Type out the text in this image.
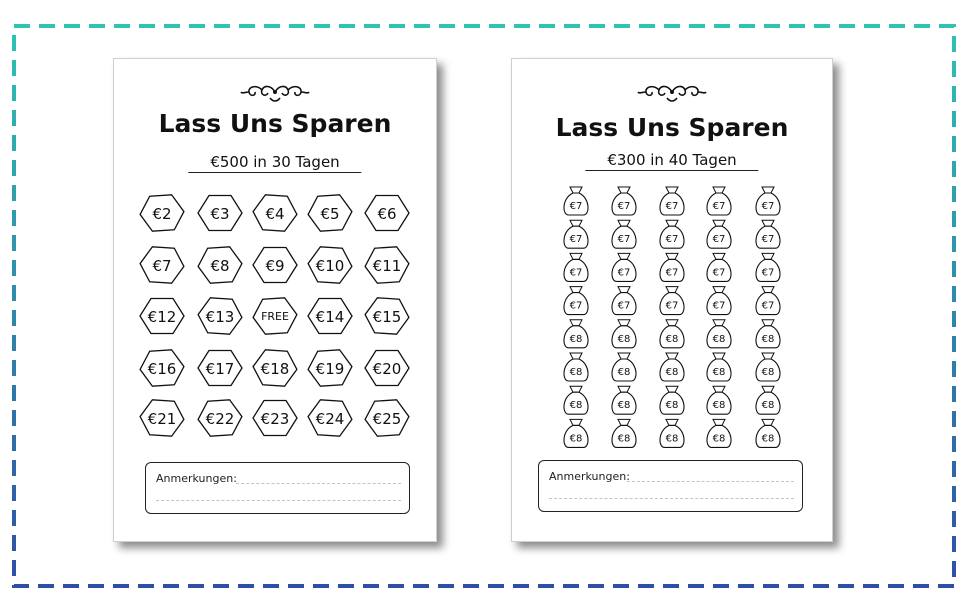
Lass Uns Sparen
€500 in 30 Tagen
€2	€3 €4 €5	€6
€7	€8 €9 €10 €11
€12 €13 FREE €14 €15
€16 €17 €18 €19 €20
€21 €22 €23 €24 €25
Anmerkungen:
Lass Uns Sparen
€300 in 40 Tagen
€7	€7	€7	€7	€7
€7	€7	€7	€7	€7
€7	€7	€7	€7	€7
€7	€7	€7	€7	€7
€8	€8	€8	€8	€8
€8	€8	€8	€8	€8
€8	€8	€8	€8	€8
€8	€8	€8	€8	€8
Anmerkungen:
